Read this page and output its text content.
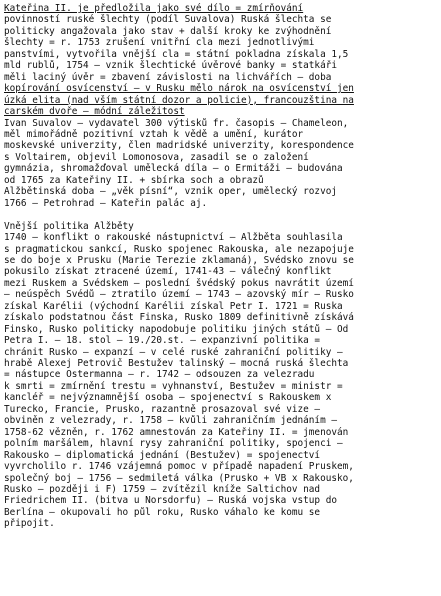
Kateřina II. je předložila jako své dílo = zmírňování
povinností ruské šlechty (podíl Šuvalova) Ruská šlechta se
politicky angažovala jako stav + další kroky ke zvýhodnění
šlechty = r. 1753 zrušení vnitřní cla mezi jednotlivými
panstvími, vytvořila vnější cla = státní pokladna získala 1,5
mld rublů, 1754 – vznik šlechtické úvěrové banky = statkáři
měli laciný úvěr = zbavení závislosti na lichvářích – doba
kopírování osvícenství – v Rusku mělo nárok na osvícenství jen
úzká elita (nad vším státní dozor a policie), francouzština na
carském dvoře – módní záležitost
Ivan Šuvalov – vydavatel 300 výtisků fr. časopis – Chameleon,
měl mimořádně pozitivní vztah k vědě a umění, kurátor
moskevské univerzity, člen madridské univerzity, korespondence
s Voltairem, objevil Lomonosova, zasadil se o založení
gymnázia, shromažďoval umělecká díla – o Ermitáži – budována
od 1765 za Kateřiny II. + sbírka soch a obrazů
Alžbětinská doba – „věk písní“, vznik oper, umělecký rozvoj
1766 – Petrohrad – Kateřin palác aj.
Vnější politika Alžběty
1740 – konflikt o rakouské nástupnictví – Alžběta souhlasila
s pragmatickou sankcí, Rusko spojenec Rakouska, ale nezapojuje
se do boje x Prusku (Marie Terezie zklamaná), Švédsko znovu se
pokusilo získat ztracené území, 1741-43 – válečný konflikt
mezi Ruskem a Švédskem – poslední švédský pokus navrátit území
– neúspěch Švédů – ztratilo území – 1743 – azovský mír – Rusko
získal Karélii (východní Karélii získal Petr I. 1721 = Ruska
získalo podstatnou část Finska, Rusko 1809 definitivně získává
Finsko, Rusko politicky napodobuje politiku jiných států – Od
Petra I. – 18. stol – 19./20.st. – expanzivní politika =
chránit Rusko – expanzí – v celé ruské zahraniční politiky –
hrabě Alexej Petrovič Bestužev talinský – mocná ruská šlechta
= nástupce Ostermanna – r. 1742 – odsouzen za velezradu
k smrti = zmírnění trestu = vyhnanství, Bestužev = ministr =
kancléř = nejvýznamnější osoba – spojenectví s Rakouskem x
Turecko, Francie, Prusko, razantně prosazoval své vize –
obviněn z velezrady, r. 1758 – kvůli zahraničním jednáním –
1758-62 vězněn, r. 1762 amnestován za Kateřiny II. = jmenován
polním maršálem, hlavní rysy zahraniční politiky, spojenci –
Rakousko – diplomatická jednání (Bestužev) = spojenectví
vyvrcholilo r. 1746 vzájemná pomoc v případě napadení Pruskem,
společný boj – 1756 – sedmiletá válka (Prusko + VB x Rakousko,
Rusko – později i F) 1759 – zvítězil kníže Saltichov nad
Friedrichem II. (bitva u Norsdorfu) – Ruská vojska vstup do
Berlína – okupovali ho půl roku, Rusko váhalo ke komu se
připojit.
